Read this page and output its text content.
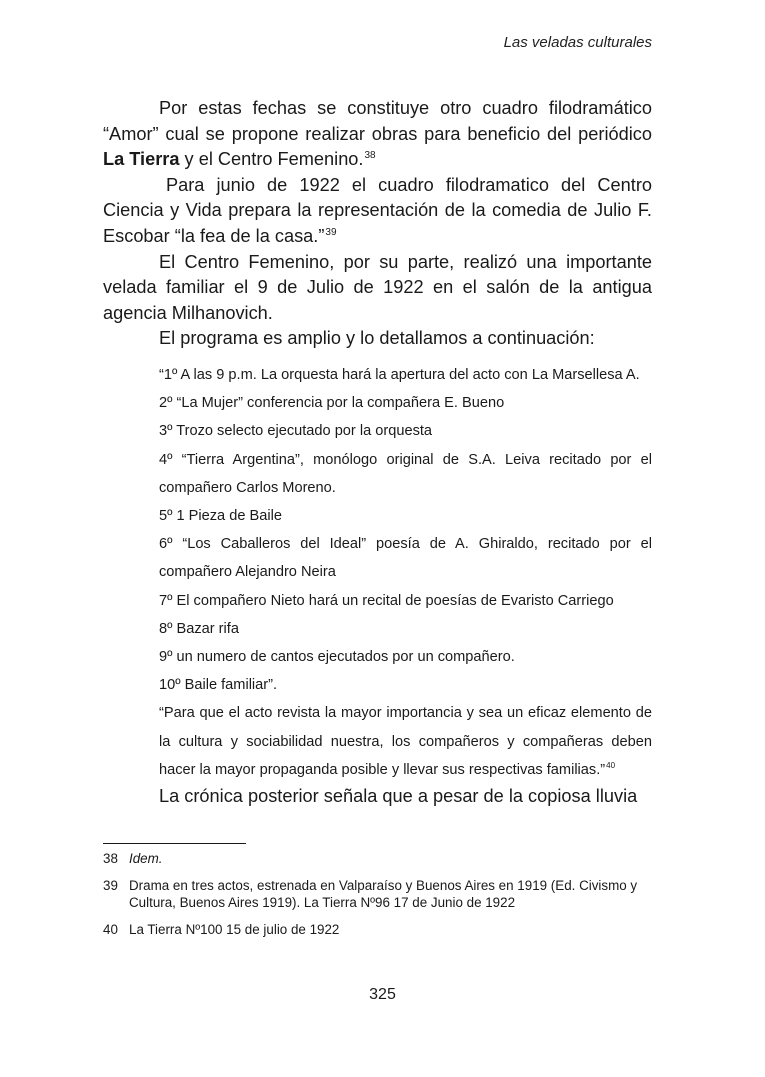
Las veladas culturales

Por estas fechas se constituye otro cuadro filodramático “Amor” cual se propone realizar obras para beneficio del periódico La Tierra y el Centro Femenino.$^{38}$

Para junio de 1922 el cuadro filodramatico del Centro Ciencia y Vida prepara la representación de la comedia de Julio F. Escobar “la fea de la casa.”$^{39}$

El Centro Femenino, por su parte, realizó una importante velada familiar el 9 de Julio de 1922 en el salón de la antigua agencia Milhanovich.

El programa es amplio y lo detallamos a continuación:

“1º A las 9 p.m. La orquesta hará la apertura del acto con La Marsellesa A.

2º “La Mujer” conferencia por la compañera E. Bueno

3º Trozo selecto ejecutado por la orquesta

4º “Tierra Argentina”, monólogo original de S.A. Leiva recitado por el compañero Carlos Moreno.

5º 1 Pieza de Baile

6º “Los Caballeros del Ideal” poesía de A. Ghiraldo, recitado por el compañero Alejandro Neira

7º El compañero Nieto hará un recital de poesías de Evaristo Carriego

8º Bazar rifa

9º un numero de cantos ejecutados por un compañero.

10º Baile familiar”.

“Para que el acto revista la mayor importancia y sea un eficaz elemento de la cultura y sociabilidad nuestra, los compañeros y compañeras deben hacer la mayor propaganda posible y llevar sus respectivas familias.”$^{40}$

La crónica posterior señala que a pesar de la copiosa lluvia

38 Idem.
39 Drama en tres actos, estrenada en Valparaíso y Buenos Aires en 1919 (Ed. Civismo y Cultura, Buenos Aires 1919). La Tierra Nº96 17 de Junio de 1922
40 La Tierra Nº100 15 de julio de 1922
325
